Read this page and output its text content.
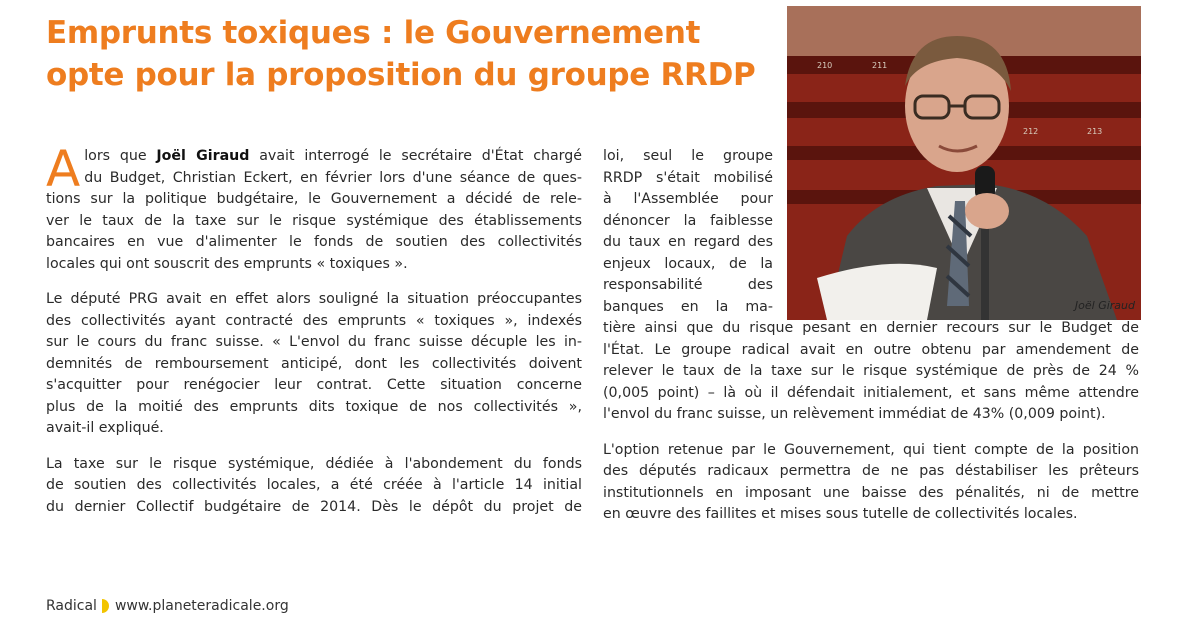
Emprunts toxiques : le Gouvernement
opte pour la proposition du groupe RRDP

A lors que Joël Giraud avait interrogé le secrétaire d'État chargé
du Budget, Christian Eckert, en février lors d'une séance de ques-
tions sur la politique budgétaire, le Gouvernement a décidé de rele-
ver le taux de la taxe sur le risque systémique des établissements
bancaires en vue d'alimenter le fonds de soutien des collectivités
locales qui ont souscrit des emprunts « toxiques ».

Le député PRG avait en effet alors souligné la situation préoccupantes
des collectivités ayant contracté des emprunts « toxiques », indexés
sur le cours du franc suisse. « L'envol du franc suisse décuple les in-
demnités de remboursement anticipé, dont les collectivités doivent
s'acquitter pour renégocier leur contrat. Cette situation concerne
plus de la moitié des emprunts dits toxique de nos collectivités »,
avait-il expliqué.

La taxe sur le risque systémique, dédiée à l'abondement du fonds
de soutien des collectivités locales, a été créée à l'article 14 initial
du dernier Collectif budgétaire de 2014. Dès le dépôt du projet de

loi, seul le groupe
RRDP s'était mobilisé
à l'Assemblée pour
dénoncer la faiblesse
du taux en regard des
enjeux locaux, de la
responsabilité des
banques en la ma-
tière ainsi que du risque pesant en dernier recours sur le Budget de
l'État. Le groupe radical avait en outre obtenu par amendement de
relever le taux de la taxe sur le risque systémique de près de 24 %
(0,005 point) – là où il défendait initialement, et sans même attendre
l'envol du franc suisse, un relèvement immédiat de 43% (0,009 point).

L'option retenue par le Gouvernement, qui tient compte de la position
des députés radicaux permettra de ne pas déstabiliser les prêteurs
institutionnels en imposant une baisse des pénalités, ni de mettre
en œuvre des faillites et mises sous tutelle de collectivités locales.

210	211
212	213
Joël Giraud
Radical www.planeteradicale.org
